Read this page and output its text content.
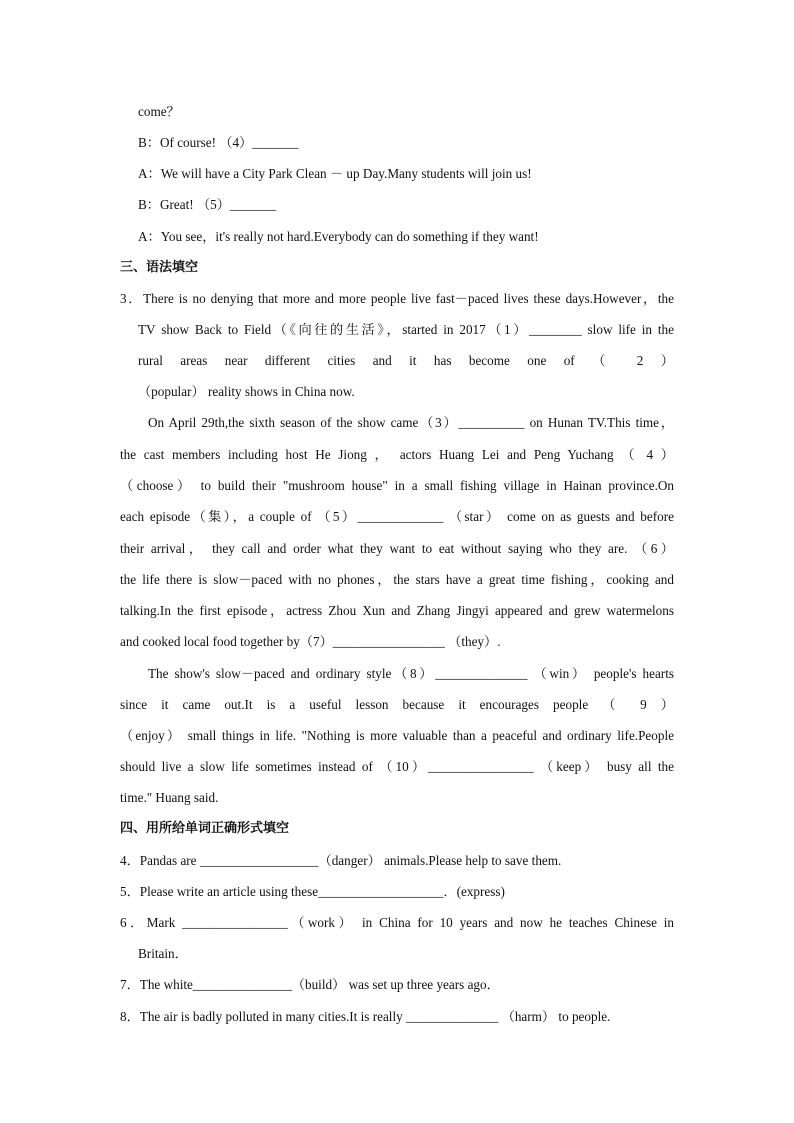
come？
B：Of course! （4）_______
A：We will have a City Park Clean － up Day.Many students will join us!
B：Great! （5）_______
A：You see，it's really not hard.Everybody can do something if they want!
三、语法填空
3．There is no denying that more and more people live fast－paced lives these days.However，the
TV show Back to Field（《向往的生活》，started in 2017（1）________ slow life in the
rural areas near different cities and it has become one of （ 2 ）
（popular） reality shows in China now.
On April 29th,the sixth season of the show came（3）__________ on Hunan TV.This time，
the cast members including host He Jiong ， actors Huang Lei and Peng Yuchang （ 4 ）
（choose） to build their "mushroom house" in a small fishing village in Hainan province.On
each episode（集），a couple of （5）_____________ （star） come on as guests and before
their arrival， they call and order what they want to eat without saying who they are. （6）
the life there is slow－paced with no phones，the stars have a great time fishing，cooking and
talking.In the first episode，actress Zhou Xun and Zhang Jingyi appeared and grew watermelons
and cooked local food together by（7）_________________ （they）.
The show's slow－paced and ordinary style（8）______________ （win） people's hearts
since it came out.It is a useful lesson because it encourages people （ 9 ）
（enjoy） small things in life. "Nothing is more valuable than a peaceful and ordinary life.People
should live a slow life sometimes instead of （10）________________ （keep） busy all the
time." Huang said.
四、用所给单词正确形式填空
4．Pandas are __________________（danger） animals.Please help to save them.
5．Please write an article using these___________________．(express)
6．Mark ________________（work） in China for 10 years and now he teaches Chinese in
Britain．
7．The white_______________（build） was set up three years ago．
8．The air is badly polluted in many cities.It is really ______________ （harm） to people.
